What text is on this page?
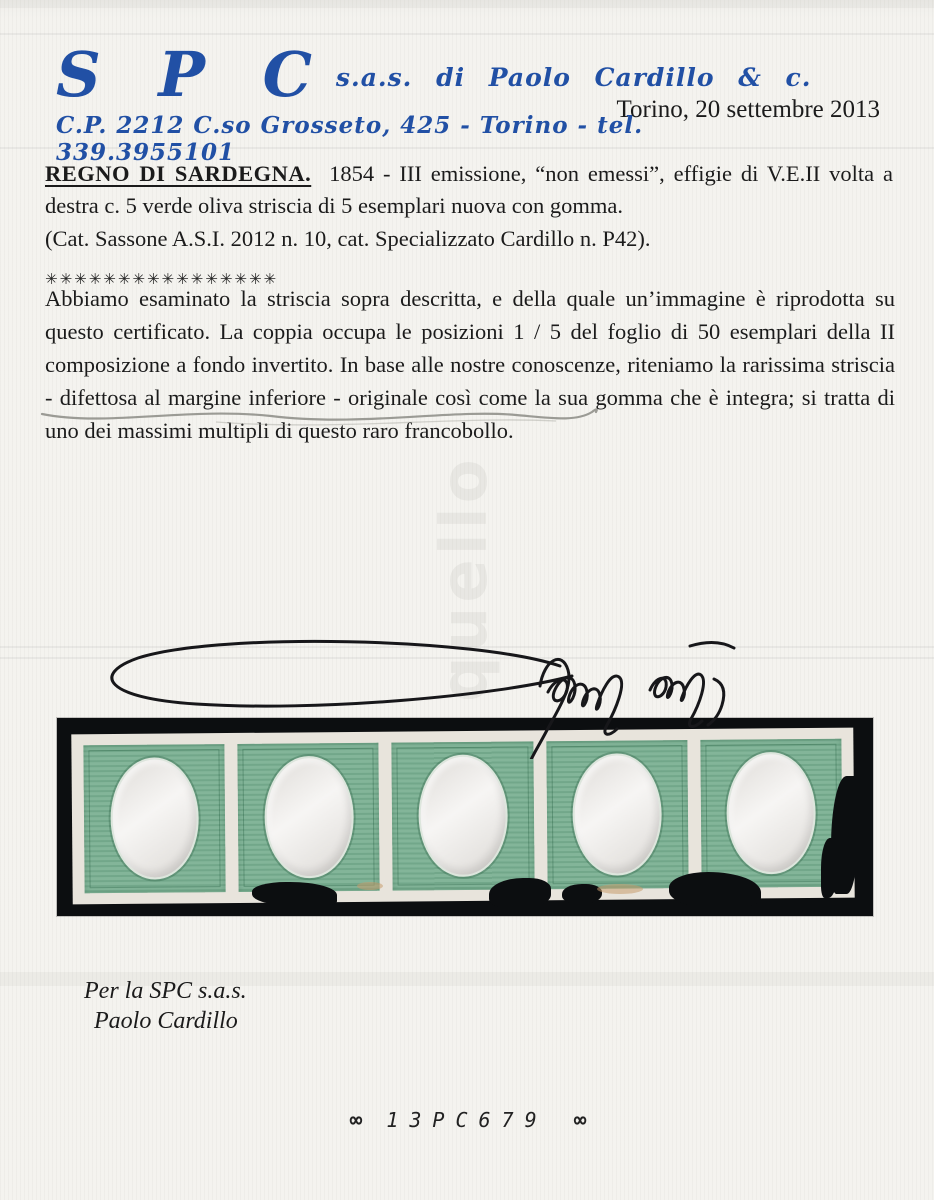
S P C s.a.s. di Paolo Cardillo & c.
C.P. 2212 C.so Grosseto, 425 - Torino - tel. 339.3955101
Torino, 20 settembre 2013
REGNO DI SARDEGNA. 1854 - III emissione, “non emessi”, effigie di V.E.II volta a destra c. 5 verde oliva striscia di 5 esemplari nuova con gomma.
(Cat. Sassone A.S.I. 2012 n. 10, cat. Specializzato Cardillo n. P42).
✳✳✳✳✳✳✳✳✳✳✳✳✳✳✳✳
Abbiamo esaminato la striscia sopra descritta, e della quale un’immagine è riprodotta su questo certificato. La coppia occupa le posizioni 1 / 5 del foglio di 50 esemplari della II composizione a fondo invertito. In base alle nostre conoscenze, riteniamo la rarissima striscia - difettosa al margine inferiore - originale così come la sua gomma che è integra; si tratta di uno dei massimi multipli di questo raro francobollo.
quello
Per la SPC s.a.s.
Paolo Cardillo
∞ 13PC679 ∞
